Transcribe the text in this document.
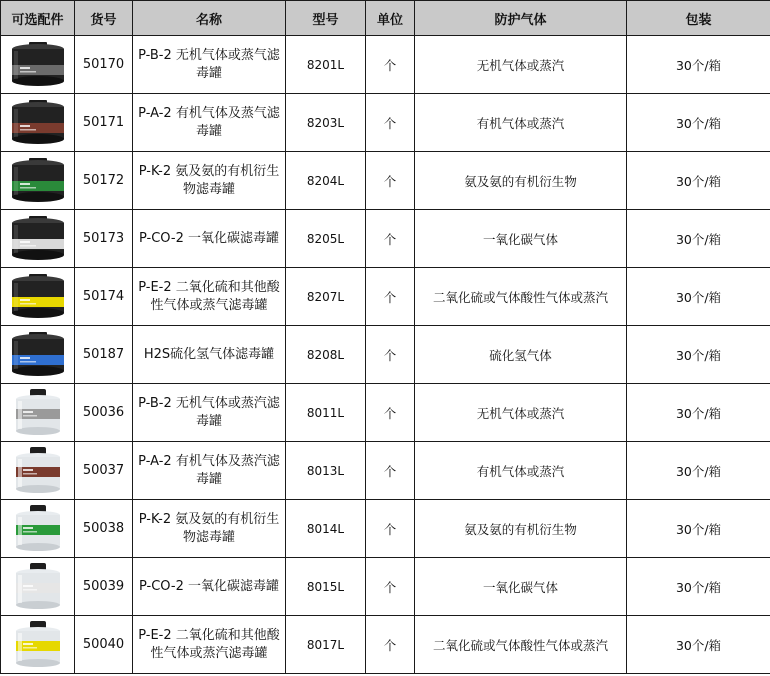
可选配件	货号	名称	型号	单位	防护气体	包装

	50170	P-B-2 无机气体或蒸气滤毒罐	8201L	个	无机气体或蒸汽	30个/箱

	50171	P-A-2 有机气体及蒸气滤毒罐	8203L	个	有机气体或蒸汽	30个/箱

	50172	P-K-2 氨及氨的有机衍生物滤毒罐	8204L	个	氨及氨的有机衍生物	30个/箱

	50173	P-CO-2 一氧化碳滤毒罐	8205L	个	一氧化碳气体	30个/箱

	50174	P-E-2 二氧化硫和其他酸性气体或蒸气滤毒罐	8207L	个	二氧化硫或气体酸性气体或蒸汽	30个/箱

	50187	H2S硫化氢气体滤毒罐	8208L	个	硫化氢气体	30个/箱

	50036	P-B-2 无机气体或蒸汽滤毒罐	8011L	个	无机气体或蒸汽	30个/箱

	50037	P-A-2 有机气体及蒸汽滤毒罐	8013L	个	有机气体或蒸汽	30个/箱

	50038	P-K-2 氨及氨的有机衍生物滤毒罐	8014L	个	氨及氨的有机衍生物	30个/箱

	50039	P-CO-2 一氧化碳滤毒罐	8015L	个	一氧化碳气体	30个/箱

	50040	P-E-2 二氧化硫和其他酸性气体或蒸汽滤毒罐	8017L	个	二氧化硫或气体酸性气体或蒸汽	30个/箱
